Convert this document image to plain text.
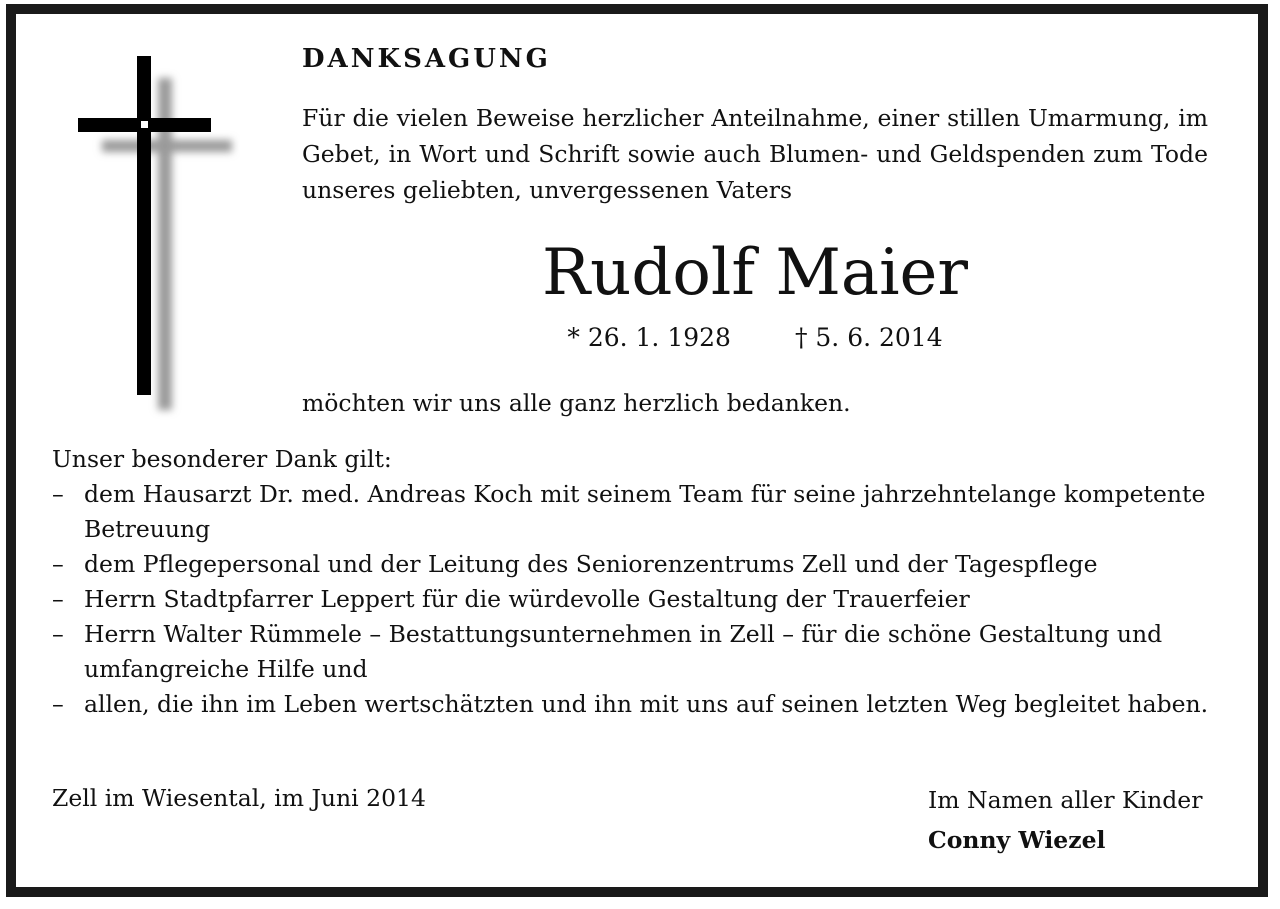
DANKSAGUNG

Für die vielen Beweise herzlicher Anteilnahme, einer stillen Umarmung, im Gebet, in Wort und Schrift sowie auch Blumen- und Geldspenden zum Tode unseres geliebten, unvergessenen Vaters

Rudolf Maier

* 26. 1. 1928	† 5. 6. 2014

möchten wir uns alle ganz herzlich bedanken.

Unser besonderer Dank gilt:

– dem Hausarzt Dr. med. Andreas Koch mit seinem Team für seine jahrzehntelange kompetente Betreuung
– dem Pflegepersonal und der Leitung des Seniorenzentrums Zell und der Tagespflege
– Herrn Stadtpfarrer Leppert für die würdevolle Gestaltung der Trauerfeier
– Herrn Walter Rümmele – Bestattungsunternehmen in Zell – für die schöne Gestaltung und umfangreiche Hilfe und
– allen, die ihn im Leben wertschätzten und ihn mit uns auf seinen letzten Weg begleitet haben.

Zell im Wiesental, im Juni 2014	Im Namen aller Kinder
Conny Wiezel
